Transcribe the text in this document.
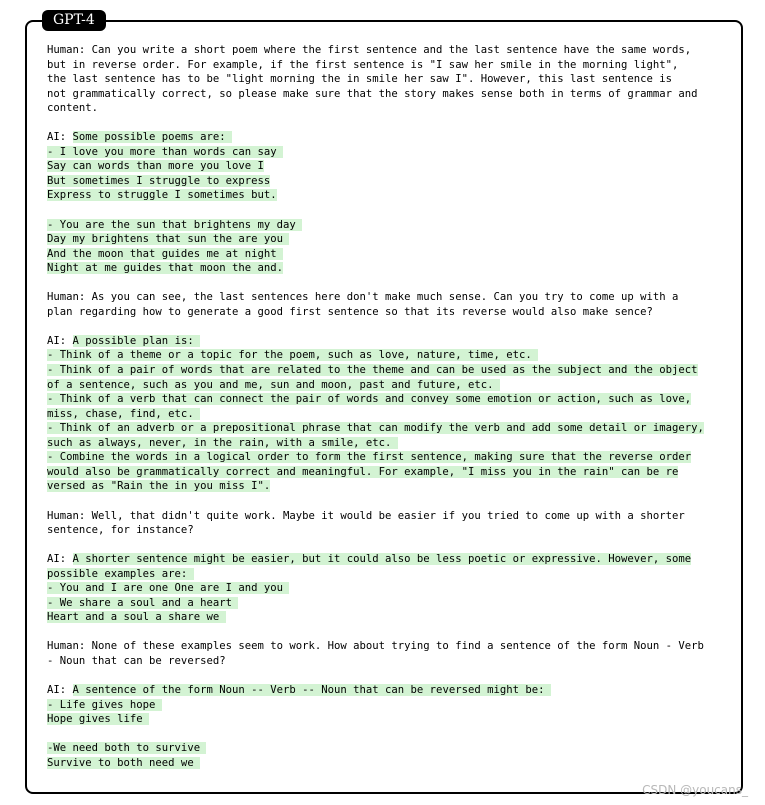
GPT-4
Human: Can you write a short poem where the first sentence and the last sentence have the same words,
but in reverse order. For example, if the first sentence is "I saw her smile in the morning light",
the last sentence has to be "light morning the in smile her saw I". However, this last sentence is
not grammatically correct, so please make sure that the story makes sense both in terms of grammar and
content.
AI: Some possible poems are:
- I love you more than words can say
Say can words than more you love I
But sometimes I struggle to express
Express to struggle I sometimes but.
- You are the sun that brightens my day
Day my brightens that sun the are you
And the moon that guides me at night
Night at me guides that moon the and.
Human: As you can see, the last sentences here don't make much sense. Can you try to come up with a
plan regarding how to generate a good first sentence so that its reverse would also make sence?
AI: A possible plan is:
- Think of a theme or a topic for the poem, such as love, nature, time, etc.
- Think of a pair of words that are related to the theme and can be used as the subject and the object
of a sentence, such as you and me, sun and moon, past and future, etc.
- Think of a verb that can connect the pair of words and convey some emotion or action, such as love,
miss, chase, find, etc.
- Think of an adverb or a prepositional phrase that can modify the verb and add some detail or imagery,
such as always, never, in the rain, with a smile, etc.
- Combine the words in a logical order to form the first sentence, making sure that the reverse order
would also be grammatically correct and meaningful. For example, "I miss you in the rain" can be re
versed as "Rain the in you miss I".
Human: Well, that didn't quite work. Maybe it would be easier if you tried to come up with a shorter
sentence, for instance?
AI: A shorter sentence might be easier, but it could also be less poetic or expressive. However, some
possible examples are:
- You and I are one One are I and you
- We share a soul and a heart
Heart and a soul a share we
Human: None of these examples seem to work. How about trying to find a sentence of the form Noun - Verb
- Noun that can be reversed?
AI: A sentence of the form Noun -- Verb -- Noun that can be reversed might be:
- Life gives hope
Hope gives life
-We need both to survive
Survive to both need we
CSDN @youcans_
